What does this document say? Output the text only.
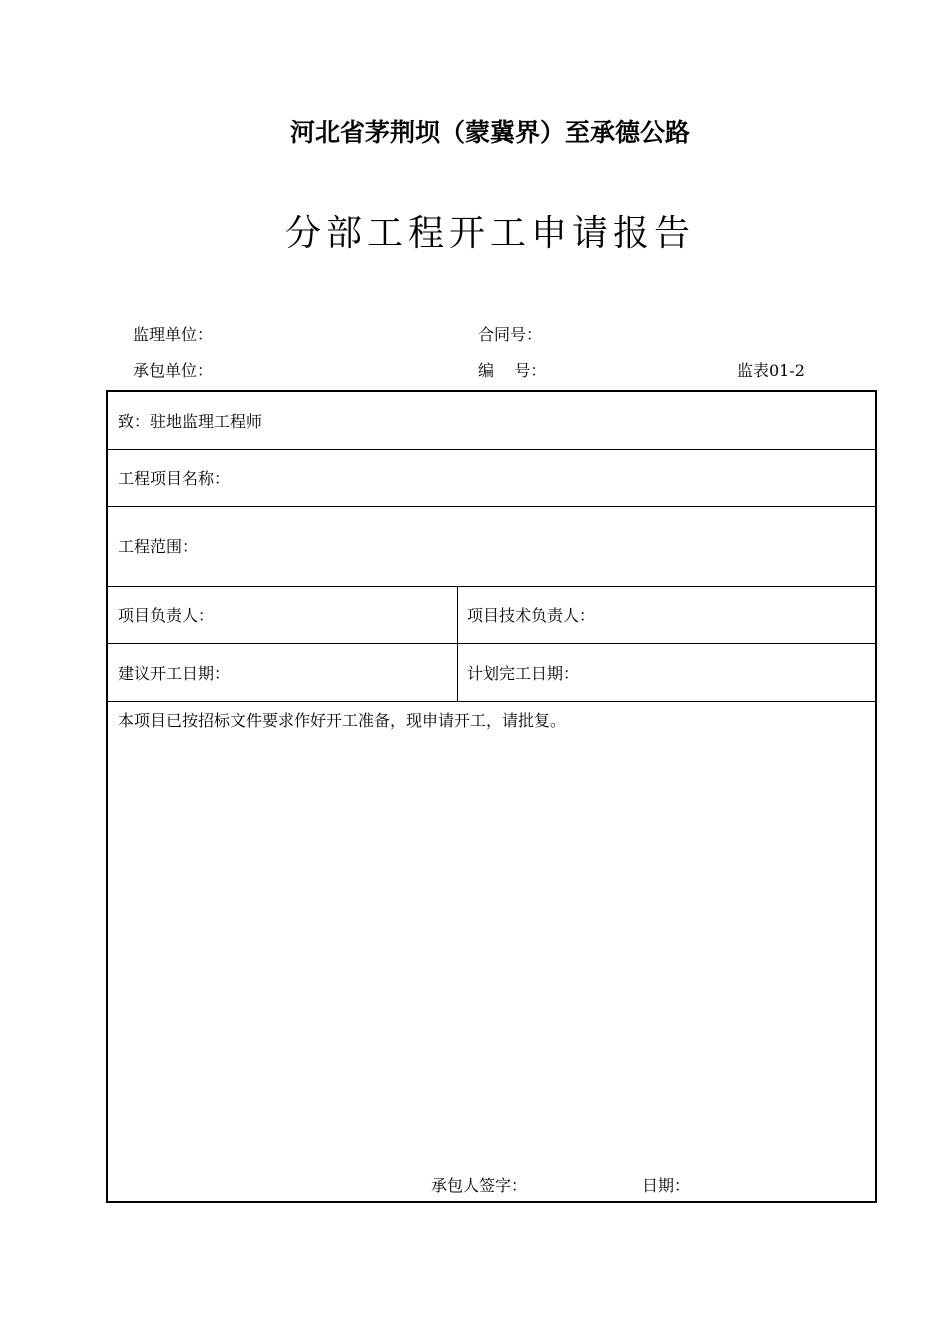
河北省茅荆坝（蒙冀界）至承德公路
分部工程开工申请报告
监理单位：	合同号：
承包单位：	编    号：	监表01-2
致：驻地监理工程师
工程项目名称：
工程范围：
项目负责人：	项目技术负责人：
建议开工日期：	计划完工日期：
本项目已按招标文件要求作好开工准备，现申请开工，请批复。
承包人签字：	日期：
